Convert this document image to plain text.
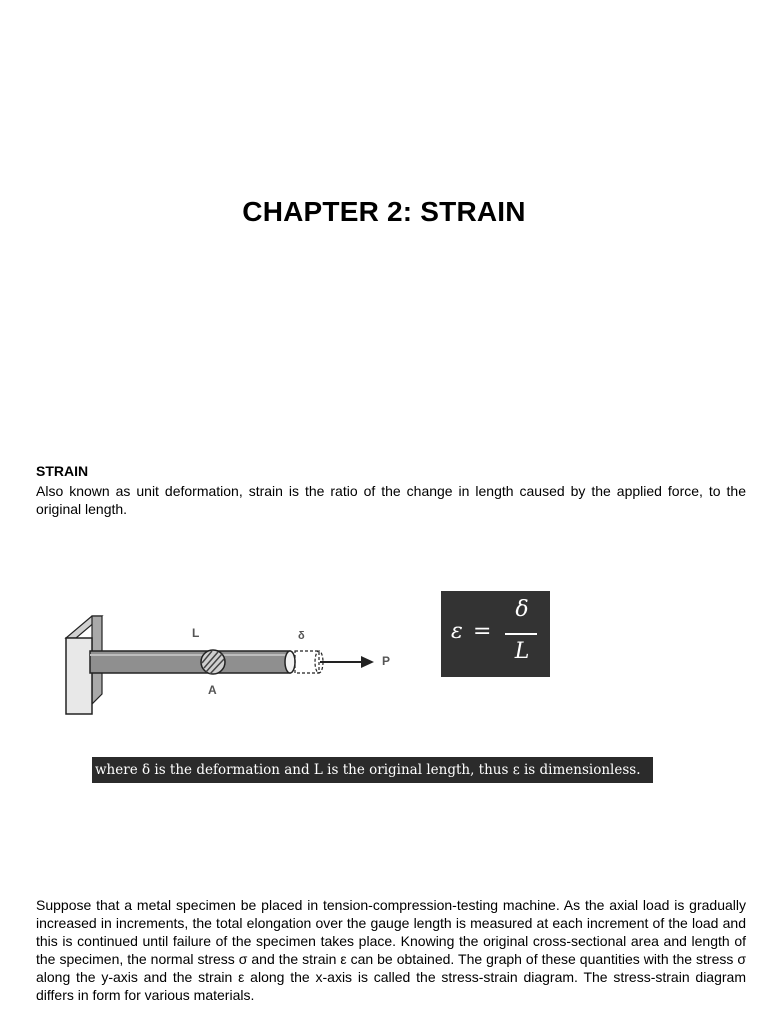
CHAPTER 2: STRAIN
STRAIN
Also known as unit deformation, strain is the ratio of the change in length caused by the applied force, to the original length.
L	δ
P
A
ε =
δ
L
where δ is the deformation and L is the original length, thus ε is dimensionless.
Suppose that a metal specimen be placed in tension-compression-testing machine. As the axial load is gradually increased in increments, the total elongation over the gauge length is measured at each increment of the load and this is continued until failure of the specimen takes place. Knowing the original cross-sectional area and length of the specimen, the normal stress σ and the strain ε can be obtained. The graph of these quantities with the stress σ along the y-axis and the strain ε along the x-axis is called the stress-strain diagram. The stress-strain diagram differs in form for various materials.
